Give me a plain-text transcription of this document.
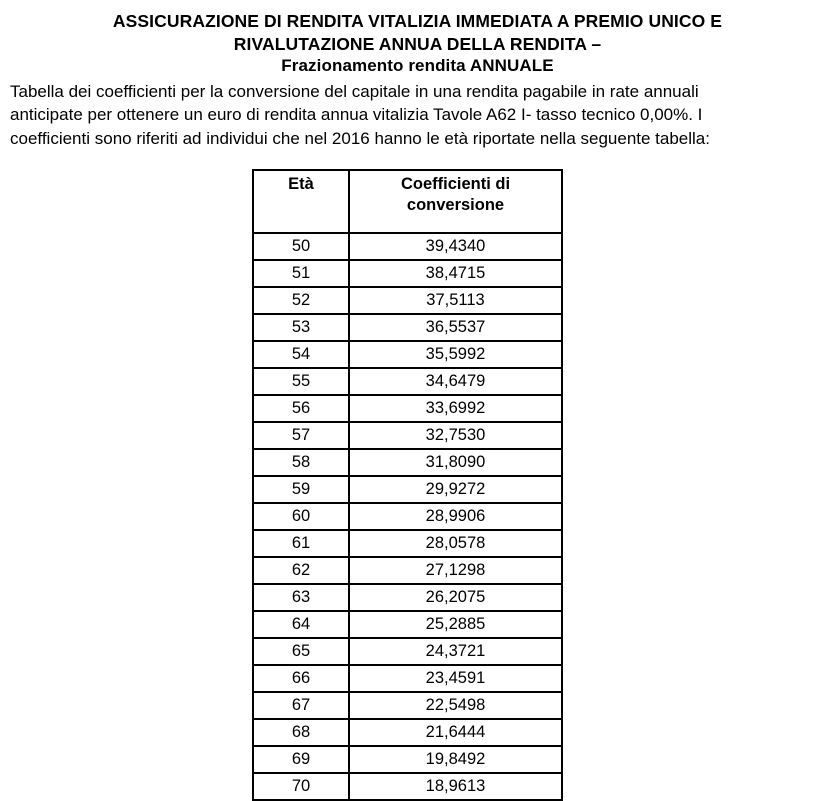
ASSICURAZIONE DI RENDITA VITALIZIA IMMEDIATA A PREMIO UNICO E
RIVALUTAZIONE ANNUA DELLA RENDITA –
Frazionamento rendita ANNUALE

Tabella dei coefficienti per la conversione del capitale in una rendita pagabile in rate annuali
anticipate per ottenere un euro di rendita annua vitalizia Tavole A62 I- tasso tecnico 0,00%. I
coefficienti sono riferiti ad individui che nel 2016 hanno le età riportate nella seguente tabella:

Età	Coefficienti di
conversione

50	39,4340
51	38,4715
52	37,5113
53	36,5537
54	35,5992
55	34,6479
56	33,6992
57	32,7530
58	31,8090
59	29,9272
60	28,9906
61	28,0578
62	27,1298
63	26,2075
64	25,2885
65	24,3721
66	23,4591
67	22,5498
68	21,6444
69	19,8492
70	18,9613
